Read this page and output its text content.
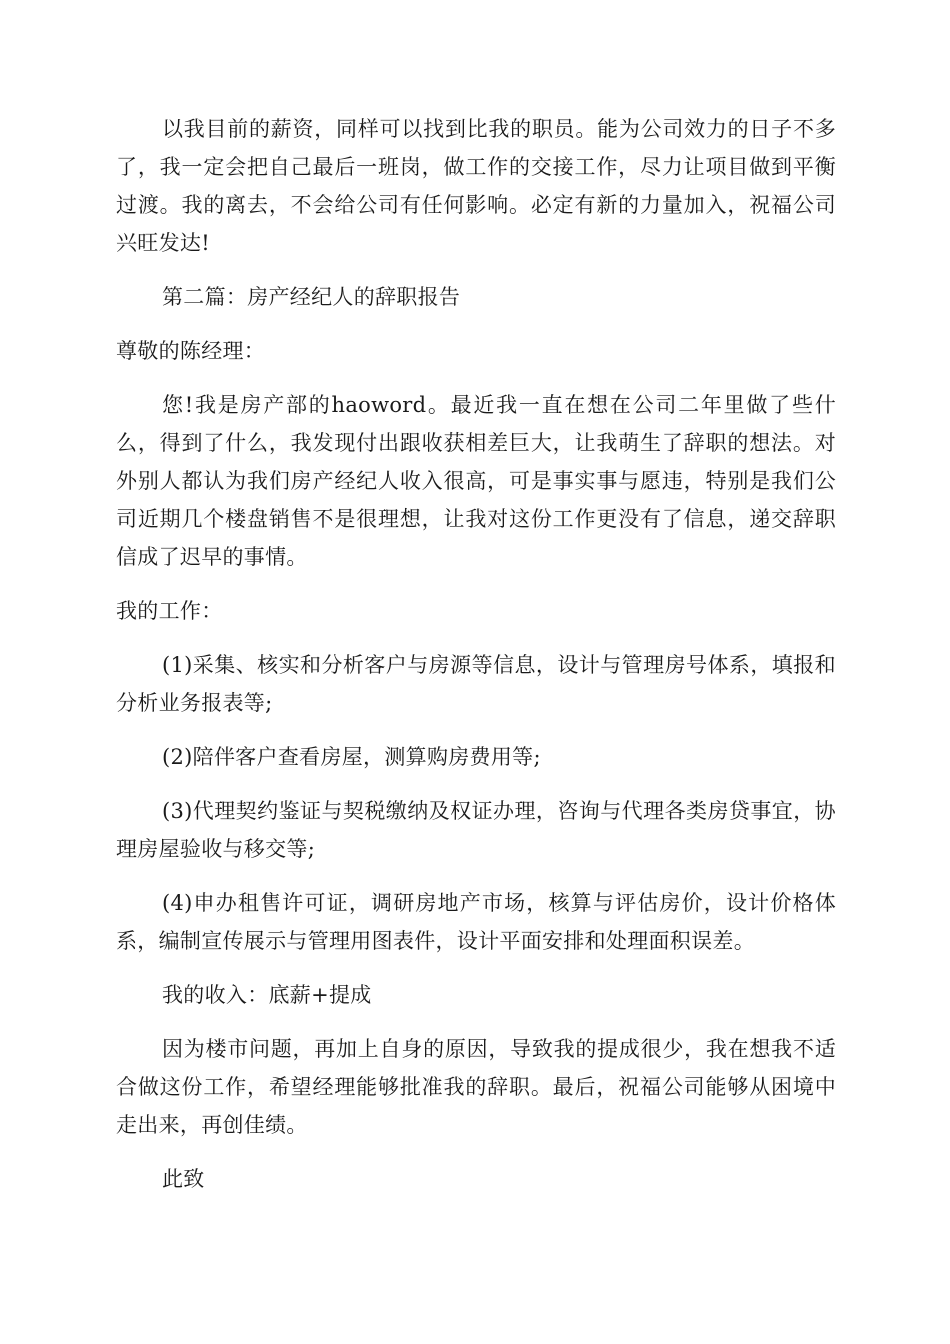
以我目前的薪资，同样可以找到比我的职员。能为公司效力的日子不多了，我一定会把自己最后一班岗，做工作的交接工作，尽力让项目做到平衡过渡。我的离去，不会给公司有任何影响。必定有新的力量加入，祝福公司兴旺发达!

第二篇：房产经纪人的辞职报告

尊敬的陈经理：

您!我是房产部的haoword。最近我一直在想在公司二年里做了些什么，得到了什么，我发现付出跟收获相差巨大，让我萌生了辞职的想法。对外别人都认为我们房产经纪人收入很高，可是事实事与愿违，特别是我们公司近期几个楼盘销售不是很理想，让我对这份工作更没有了信息，递交辞职信成了迟早的事情。

我的工作：

(1)采集、核实和分析客户与房源等信息，设计与管理房号体系，填报和分析业务报表等;

(2)陪伴客户查看房屋，测算购房费用等;

(3)代理契约鉴证与契税缴纳及权证办理，咨询与代理各类房贷事宜，协理房屋验收与移交等;

(4)申办租售许可证，调研房地产市场，核算与评估房价，设计价格体系，编制宣传展示与管理用图表件，设计平面安排和处理面积误差。

我的收入：底薪+提成

因为楼市问题，再加上自身的原因，导致我的提成很少，我在想我不适合做这份工作，希望经理能够批准我的辞职。最后，祝福公司能够从困境中走出来，再创佳绩。

此致
